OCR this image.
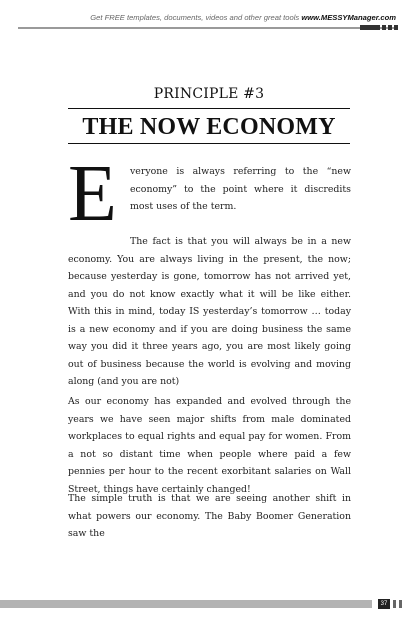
Get FREE templates, documents, videos and other great tools www.MESSYManager.com
PRINCIPLE #3
THE NOW ECONOMY
E	veryone is always referring to the “new economy” to the point where it discredits most uses of the term.
The fact is that you will always be in a new economy. You are always living in the present, the now; because yesterday is gone, tomorrow has not arrived yet, and you do not know exactly what it will be like either. With this in mind, today IS yesterday’s tomorrow … today is a new economy and if you are doing business the same way you did it three years ago, you are most likely going out of business because the world is evolving and moving along (and you are not)
As our economy has expanded and evolved through the years we have seen major shifts from male dominated workplaces to equal rights and equal pay for women. From a not so distant time when people where paid a few pennies per hour to the recent exorbitant salaries on Wall Street, things have certainly changed!
The simple truth is that we are seeing another shift in what powers our economy. The Baby Boomer Generation saw the
37
